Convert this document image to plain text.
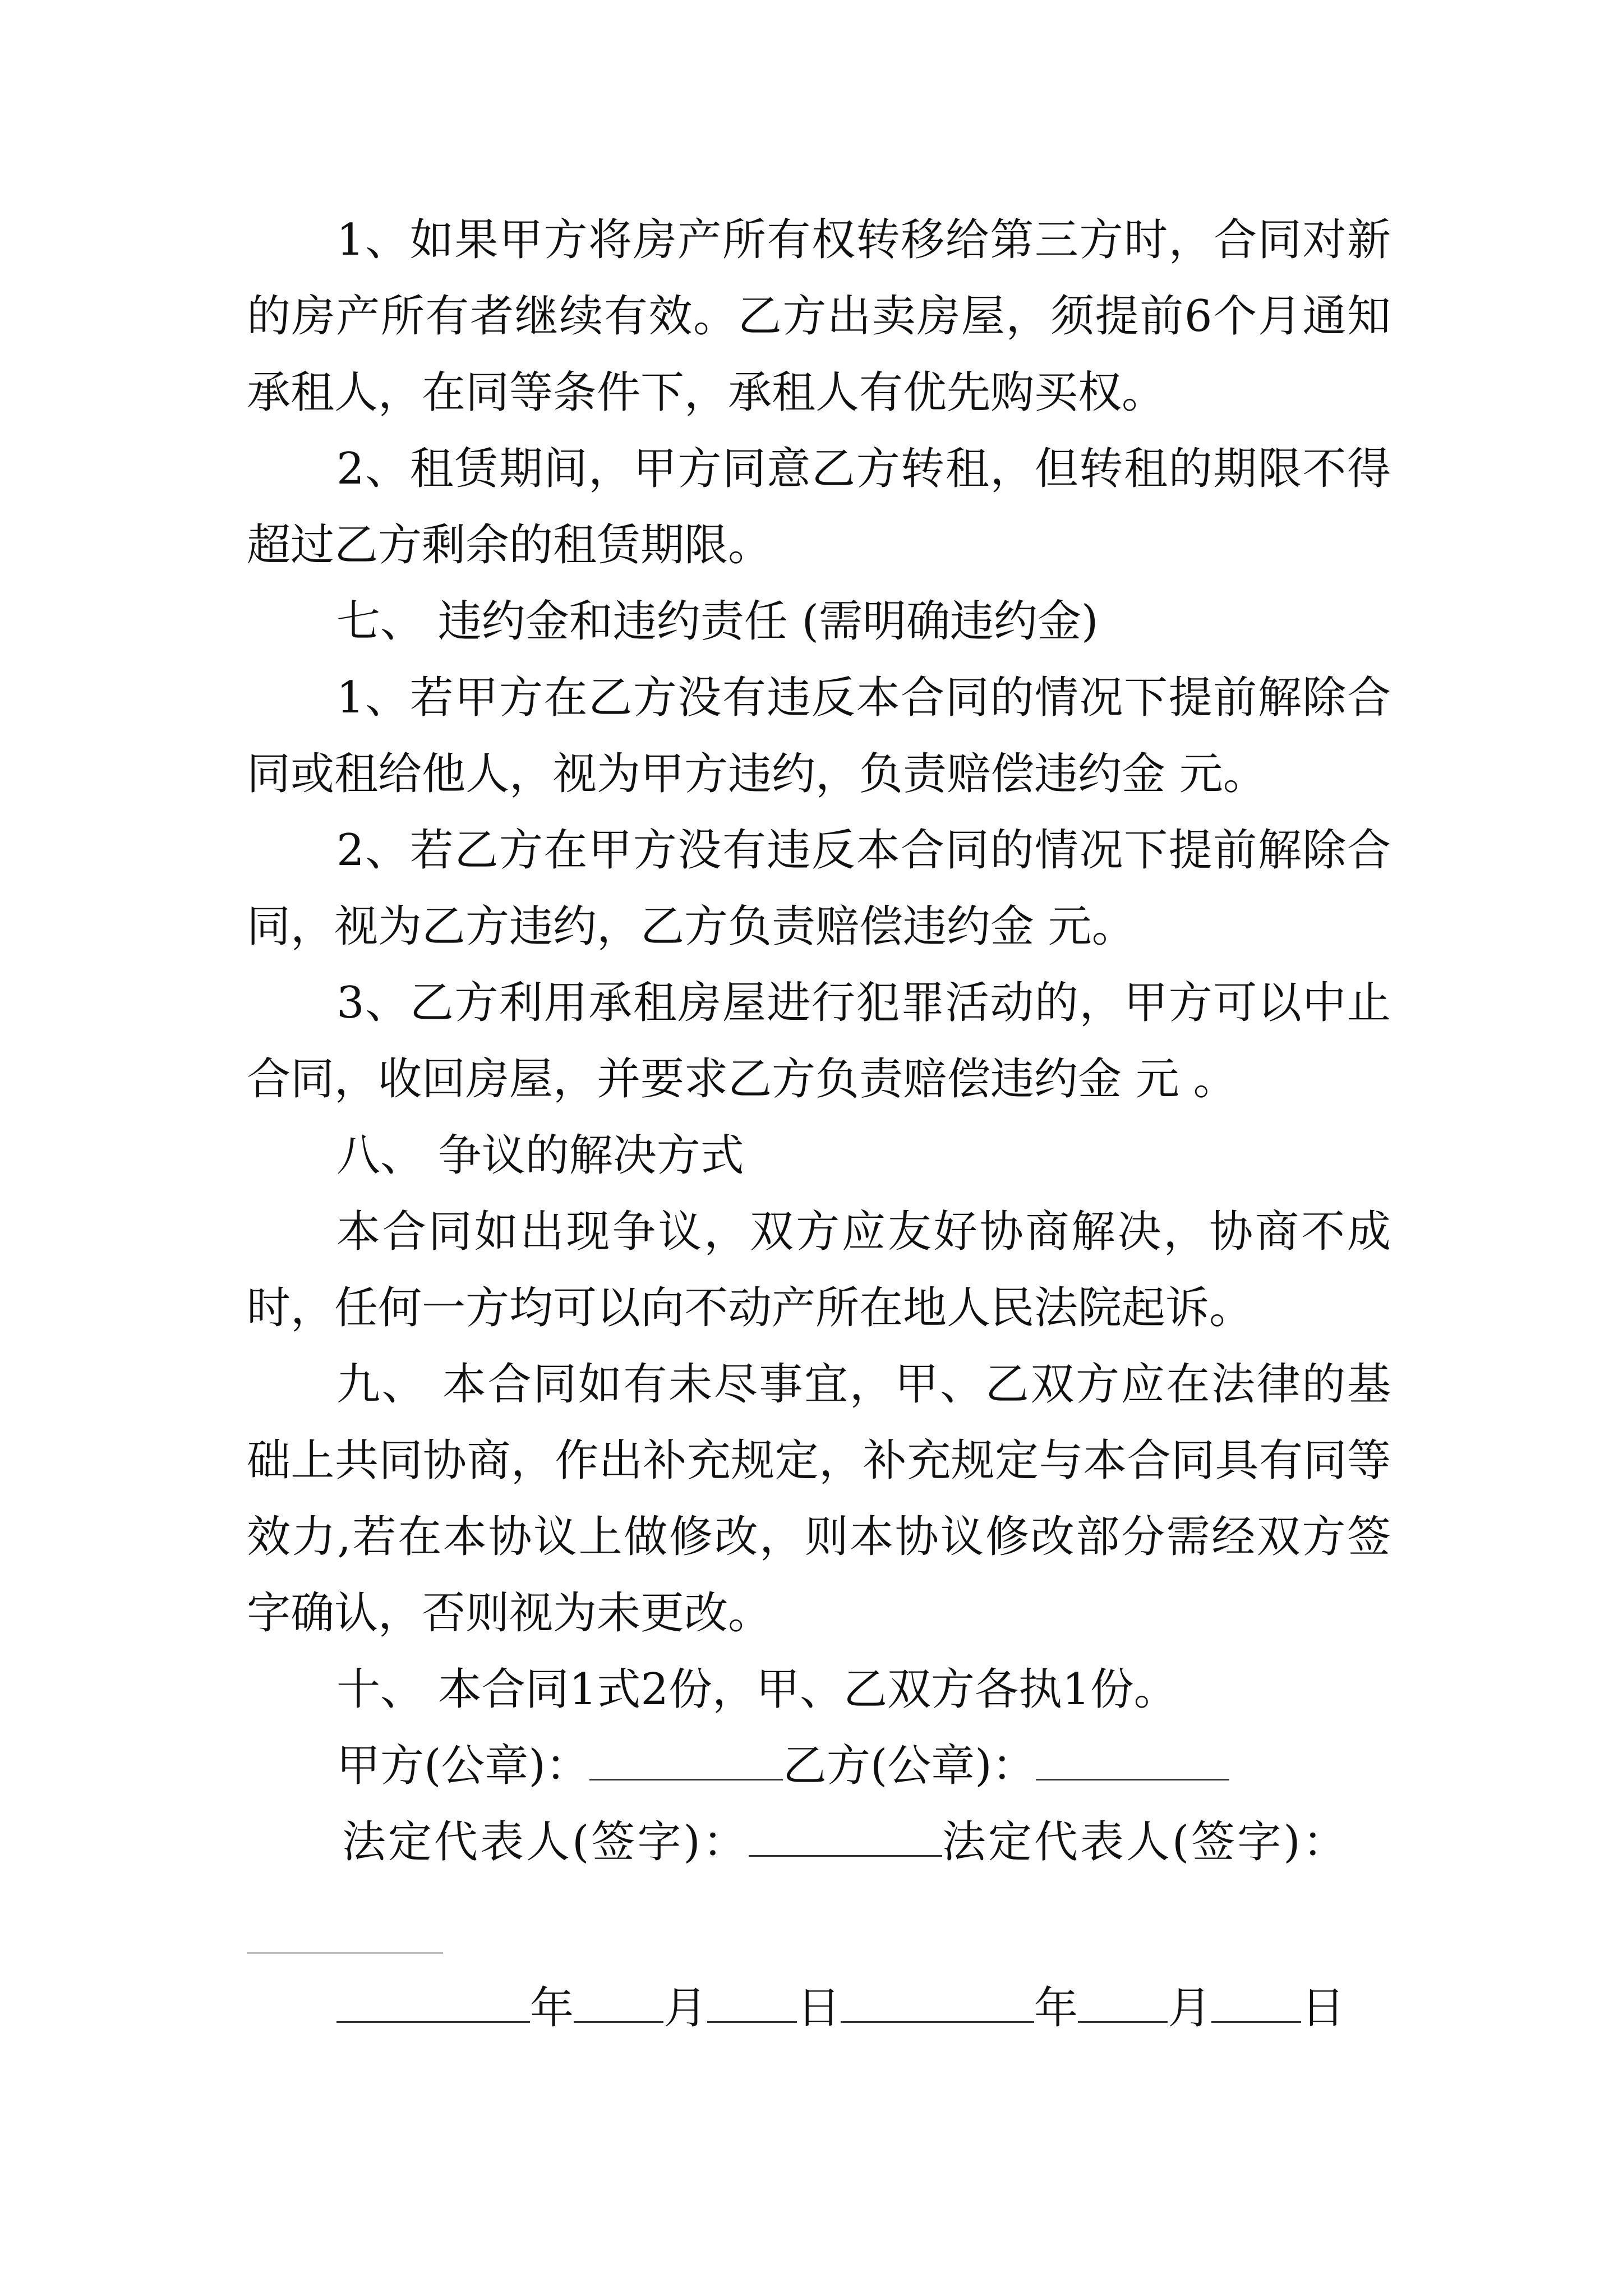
1、如果甲方将房产所有权转移给第三方时，合同对新的房产所有者继续有效。乙方出卖房屋，须提前6个月通知承租人，在同等条件下，承租人有优先购买权。

2、租赁期间，甲方同意乙方转租，但转租的期限不得超过乙方剩余的租赁期限。

七、 违约金和违约责任 (需明确违约金)

1、若甲方在乙方没有违反本合同的情况下提前解除合同或租给他人，视为甲方违约，负责赔偿违约金 元。

2、若乙方在甲方没有违反本合同的情况下提前解除合同，视为乙方违约，乙方负责赔偿违约金 元。

3、乙方利用承租房屋进行犯罪活动的，甲方可以中止合同，收回房屋，并要求乙方负责赔偿违约金 元 。

八、 争议的解决方式

本合同如出现争议，双方应友好协商解决，协商不成时，任何一方均可以向不动产所在地人民法院起诉。

九、 本合同如有未尽事宜，甲、乙双方应在法律的基础上共同协商，作出补充规定，补充规定与本合同具有同等效力,若在本协议上做修改，则本协议修改部分需经双方签字确认，否则视为未更改。

十、 本合同1式2份，甲、乙双方各执1份。

甲方(公章)：	乙方(公章)：
法定代表人(签字)：	法定代表人(签字)：
年 月 日	年 月 日
